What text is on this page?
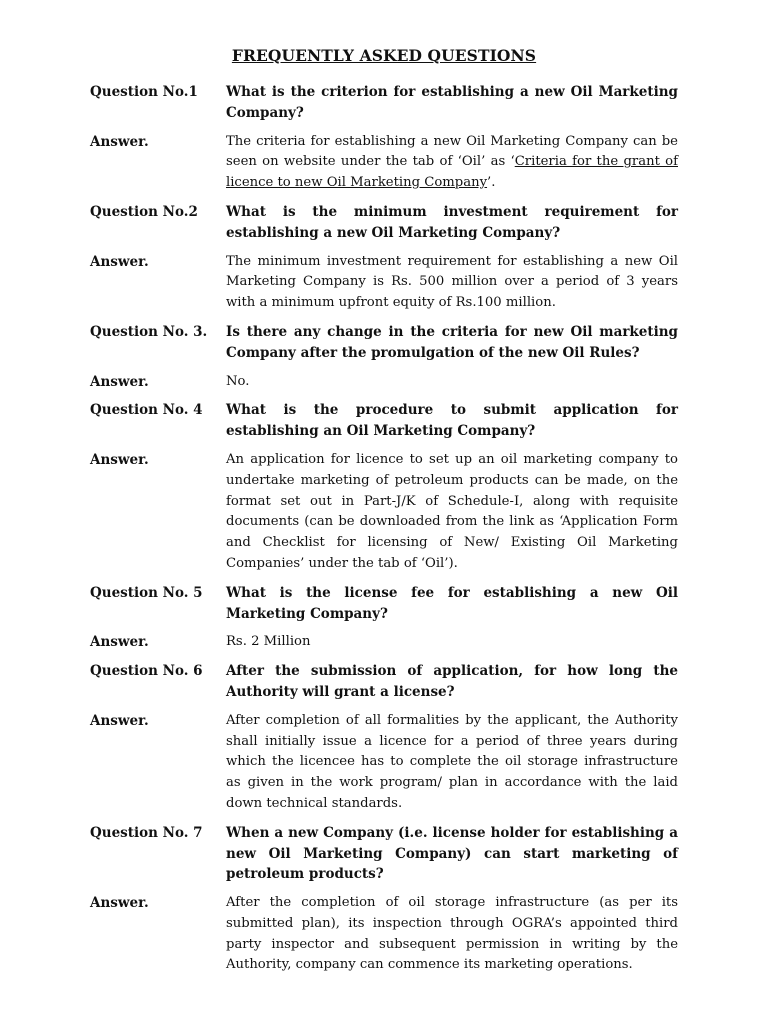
FREQUENTLY ASKED QUESTIONS
Question No.1	What is the criterion for establishing a new Oil Marketing Company?
Answer.	The criteria for establishing a new Oil Marketing Company can be seen on website under the tab of ‘Oil’ as ‘Criteria for the grant of licence to new Oil Marketing Company’.
Question No.2	What is the minimum investment requirement for establishing a new Oil Marketing Company?
Answer.	The minimum investment requirement for establishing a new Oil Marketing Company is Rs. 500 million over a period of 3 years with a minimum upfront equity of Rs.100 million.
Question No. 3.	Is there any change in the criteria for new Oil marketing Company after the promulgation of the new Oil Rules?
Answer.	No.
Question No. 4	What is the procedure to submit application for establishing an Oil Marketing Company?
Answer.	An application for licence to set up an oil marketing company to undertake marketing of petroleum products can be made, on the format set out in Part-J/K of Schedule-I, along with requisite documents (can be downloaded from the link as ‘Application Form and Checklist for licensing of New/ Existing Oil Marketing Companies’ under the tab of ‘Oil’).
Question No. 5	What is the license fee for establishing a new Oil Marketing Company?
Answer.	Rs. 2 Million
Question No. 6	After the submission of application, for how long the Authority will grant a license?
Answer.	After completion of all formalities by the applicant, the Authority shall initially issue a licence for a period of three years during which the licencee has to complete the oil storage infrastructure as given in the work program/ plan in accordance with the laid down technical standards.
Question No. 7	When a new Company (i.e. license holder for establishing a new Oil Marketing Company) can start marketing of petroleum products?
Answer.	After the completion of oil storage infrastructure (as per its submitted plan), its inspection through OGRA’s appointed third party inspector and subsequent permission in writing by the Authority, company can commence its marketing operations.
